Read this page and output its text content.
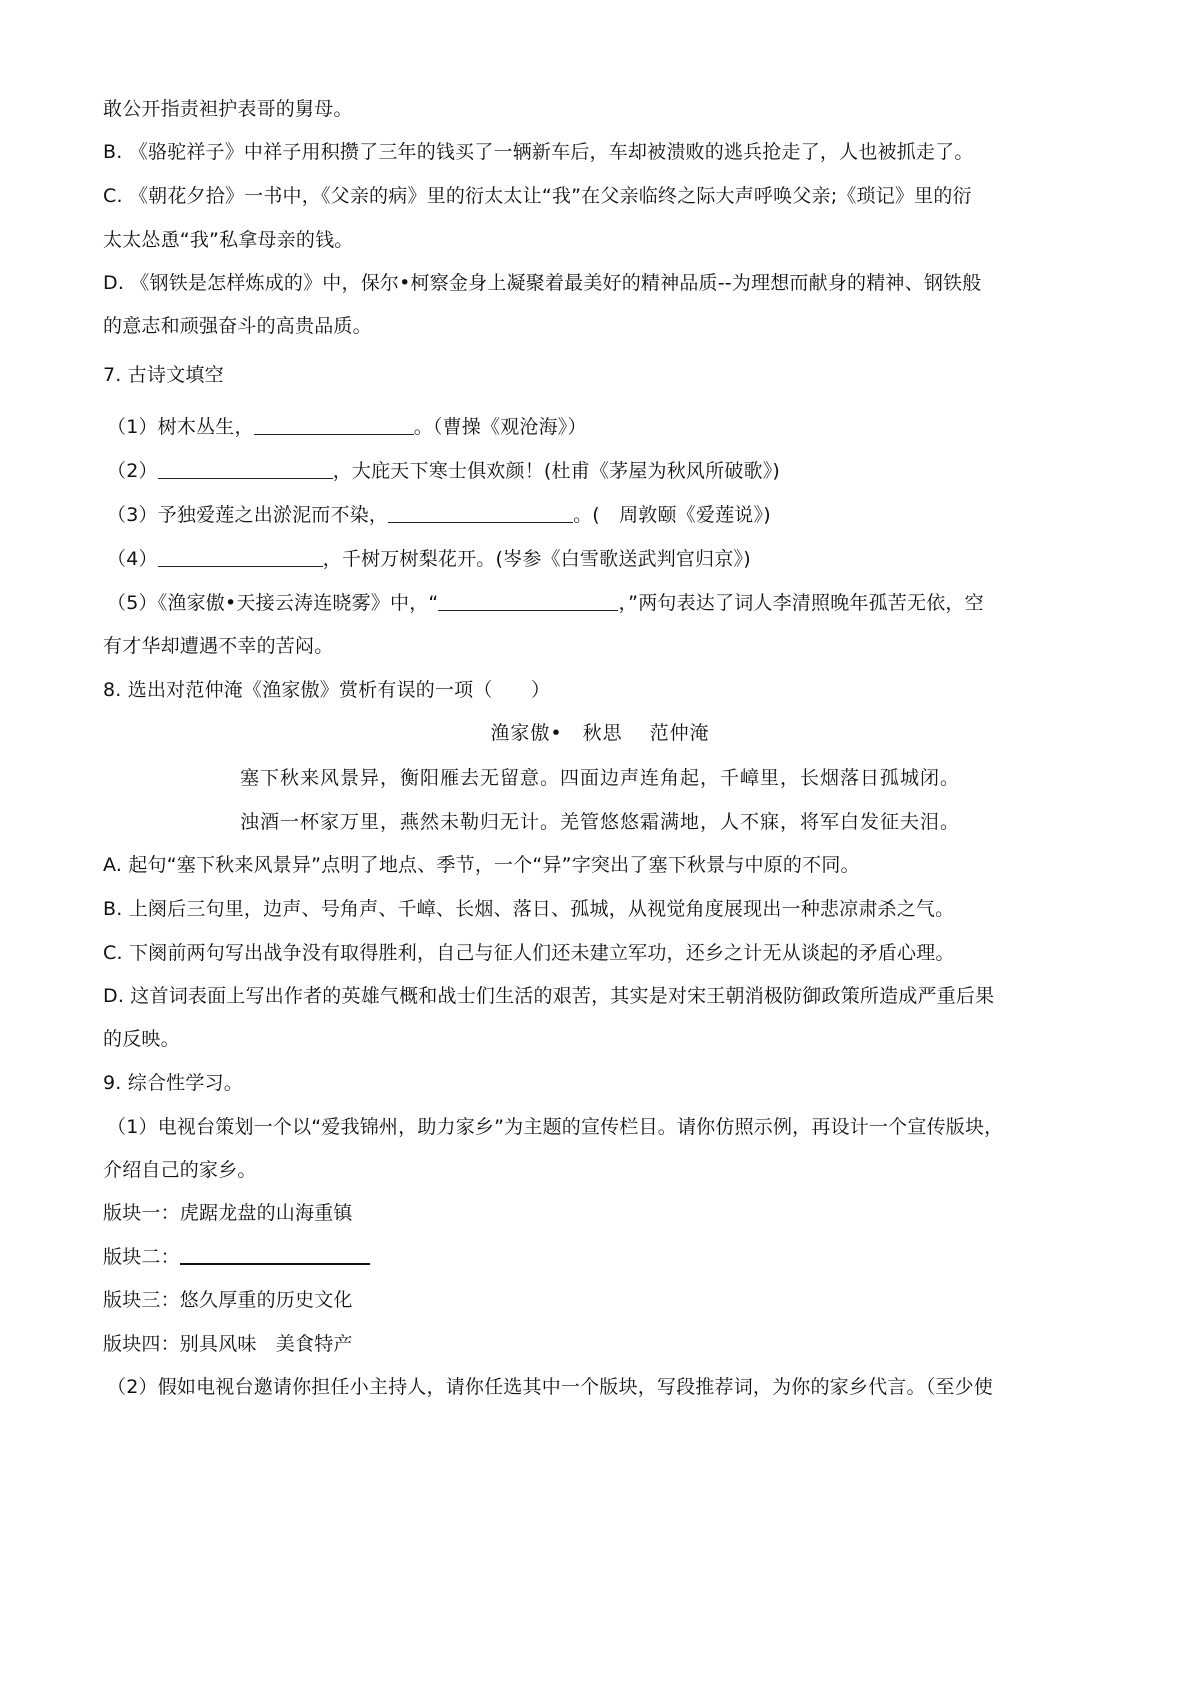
敢公开指责袒护表哥的舅母。
B. 《骆驼祥子》中祥子用积攒了三年的钱买了一辆新车后，车却被溃败的逃兵抢走了，人也被抓走了。
C. 《朝花夕拾》一书中，《父亲的病》里的衍太太让“我”在父亲临终之际大声呼唤父亲;《琐记》里的衍
太太怂恿“我”私拿母亲的钱。
D. 《钢铁是怎样炼成的》中，保尔•柯察金身上凝聚着最美好的精神品质--为理想而献身的精神、钢铁般
的意志和顽强奋斗的高贵品质。
7. 古诗文填空
（1）树木丛生，	。（曹操《观沧海》）
（2）	，大庇天下寒士俱欢颜！(杜甫《茅屋为秋风所破歌》)
（3）予独爱莲之出淤泥而不染，	。(　周敦颐《爱莲说》)
（4）	，千树万树梨花开。(岑参《白雪歌送武判官归京》)
（5）《渔家傲•天接云涛连晓雾》中，“	，”两句表达了词人李清照晚年孤苦无依，空
有才华却遭遇不幸的苦闷。
8. 选出对范仲淹《渔家傲》赏析有误的一项（　　）
渔家傲•　秋思　 范仲淹
塞下秋来风景异，衡阳雁去无留意。四面边声连角起，千嶂里，长烟落日孤城闭。
浊酒一杯家万里，燕然未勒归无计。羌管悠悠霜满地，人不寐，将军白发征夫泪。
A. 起句“塞下秋来风景异”点明了地点、季节，一个“异”字突出了塞下秋景与中原的不同。
B. 上阕后三句里，边声、号角声、千嶂、长烟、落日、孤城，从视觉角度展现出一种悲凉肃杀之气。
C. 下阕前两句写出战争没有取得胜利，自己与征人们还未建立军功，还乡之计无从谈起的矛盾心理。
D. 这首词表面上写出作者的英雄气概和战士们生活的艰苦，其实是对宋王朝消极防御政策所造成严重后果
的反映。
9. 综合性学习。
（1）电视台策划一个以“爱我锦州，助力家乡”为主题的宣传栏目。请你仿照示例，再设计一个宣传版块，
介绍自己的家乡。
版块一：虎踞龙盘的山海重镇
版块二：
版块三：悠久厚重的历史文化
版块四：别具风味　美食特产
（2）假如电视台邀请你担任小主持人，请你任选其中一个版块，写段推荐词，为你的家乡代言。（至少使
